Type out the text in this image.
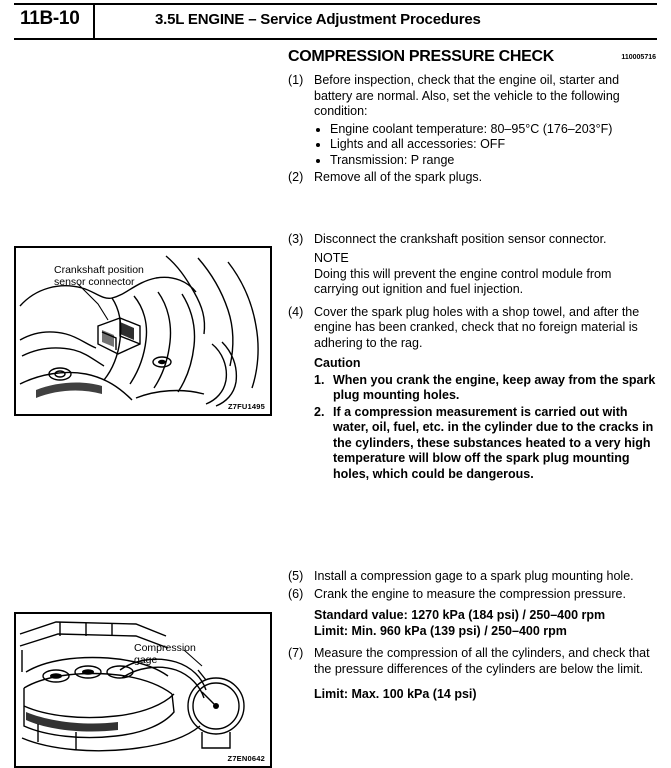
11B-10	3.5L ENGINE – Service Adjustment Procedures
Crankshaft position
sensor connector
Z7FU1495
Compression
gage
Z7EN0642
COMPRESSION PRESSURE CHECK	110005716
(1) Before inspection, check that the engine oil, starter and battery are normal. Also, set the vehicle to the following condition:
Engine coolant temperature: 80–95°C (176–203°F)
Lights and all accessories: OFF
Transmission: P range
(2) Remove all of the spark plugs.
(3) Disconnect the crankshaft position sensor connector.
NOTE
Doing this will prevent the engine control module from carrying out ignition and fuel injection.
(4) Cover the spark plug holes with a shop towel, and after the engine has been cranked, check that no foreign material is adhering to the rag.
Caution
1. When you crank the engine, keep away from the spark plug mounting holes.
2. If a compression measurement is carried out with water, oil, fuel, etc. in the cylinder due to the cracks in the cylinders, these substances heated to a very high temperature will blow off the spark plug mounting holes, which could be dangerous.
(5) Install a compression gage to a spark plug mounting hole.
(6) Crank the engine to measure the compression pressure.
Standard value: 1270 kPa (184 psi) / 250–400 rpm
Limit: Min. 960 kPa (139 psi) / 250–400 rpm
(7) Measure the compression of all the cylinders, and check that the pressure differences of the cylinders are below the limit.
Limit: Max. 100 kPa (14 psi)
